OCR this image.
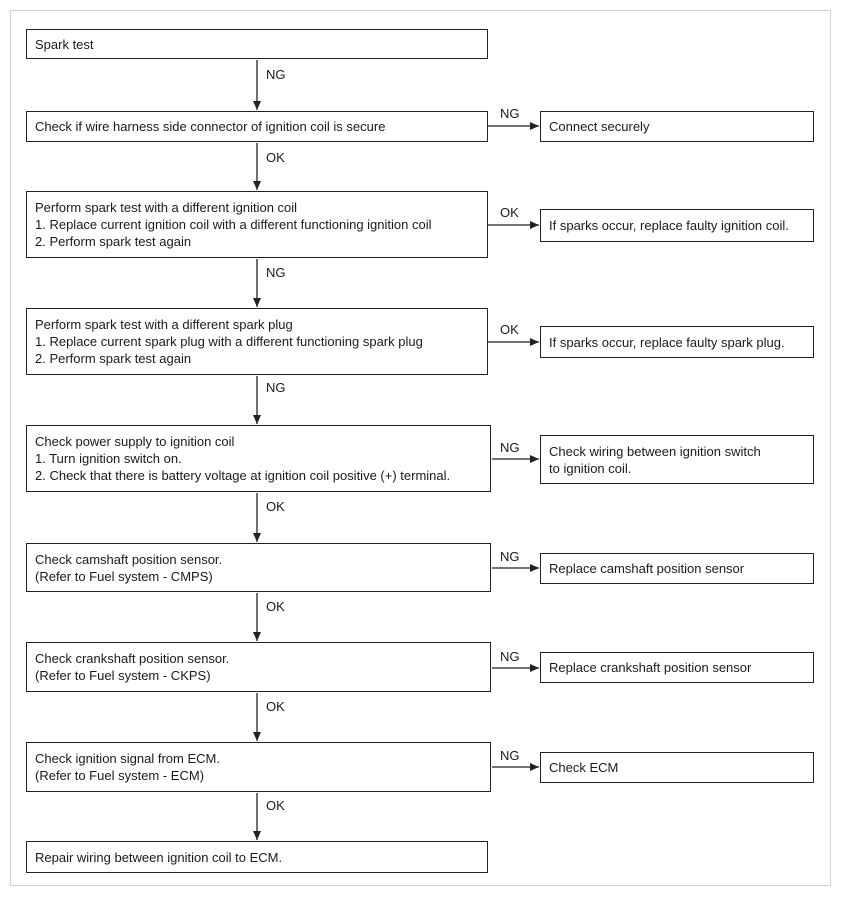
Spark test
Check if wire harness side connector of ignition coil is secure
Perform spark test with a different ignition coil
1. Replace current ignition coil with a different functioning ignition coil
2. Perform spark test again
Perform spark test with a different spark plug
1. Replace current spark plug with a different functioning spark plug
2. Perform spark test again
Check power supply to ignition coil
1. Turn ignition switch on.
2. Check that there is battery voltage at ignition coil positive (+) terminal.
Check camshaft position sensor.
(Refer to Fuel system - CMPS)
Check crankshaft position sensor.
(Refer to Fuel system - CKPS)
Check ignition signal from ECM.
(Refer to Fuel system - ECM)
Repair wiring between ignition coil to ECM.
Connect securely
If sparks occur, replace faulty ignition coil.
If sparks occur, replace faulty spark plug.
Check wiring between ignition switch
to ignition coil.
Replace camshaft position sensor
Replace crankshaft position sensor
Check ECM
NG
OK
NG
NG
OK
OK
OK
OK
NG
OK
OK
NG
NG
NG
NG
